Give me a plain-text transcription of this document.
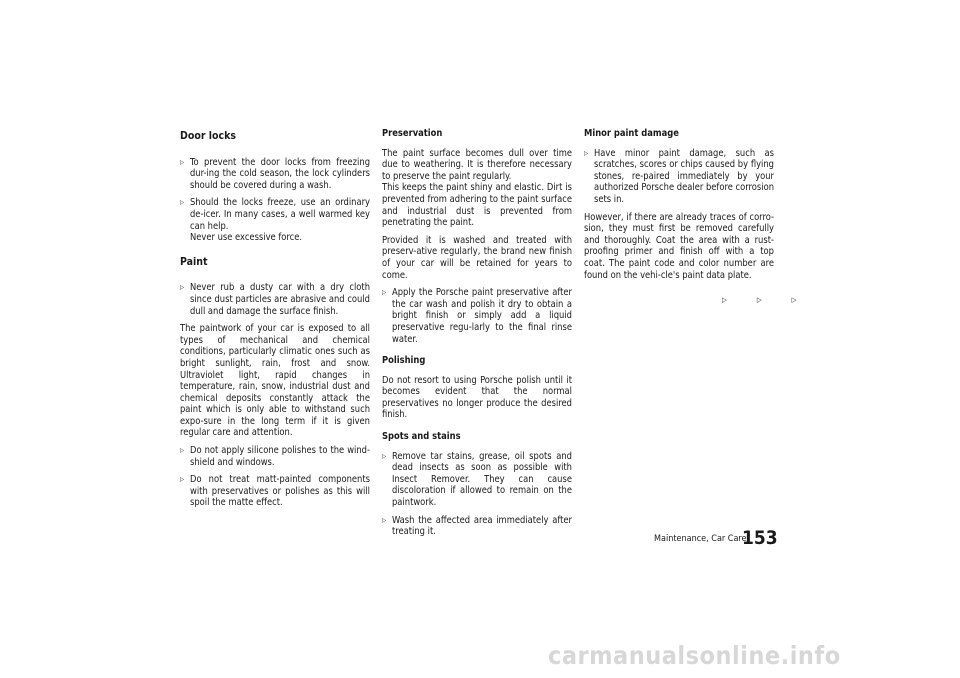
Door locks
▷ To prevent the door locks from freezing dur-ing the cold season, the lock cylinders should be covered during a wash.
▷ Should the locks freeze, use an ordinary de-icer. In many cases, a well warmed key can help.
Never use excessive force.
Paint
▷ Never rub a dusty car with a dry cloth since dust particles are abrasive and could dull and damage the surface finish.

The paintwork of your car is exposed to all types of mechanical and chemical conditions, particularly climatic ones such as bright sunlight, rain, frost and snow. Ultraviolet light, rapid changes in temperature, rain, snow, industrial dust and chemical deposits constantly attack the paint which is only able to withstand such expo-sure in the long term if it is given regular care and attention.

▷ Do not apply silicone polishes to the wind-shield and windows.
▷ Do not treat matt-painted components with preservatives or polishes as this will spoil the matte effect.
Preservation

The paint surface becomes dull over time due to weathering. It is therefore necessary to preserve the paint regularly.
This keeps the paint shiny and elastic. Dirt is prevented from adhering to the paint surface and industrial dust is prevented from penetrating the paint.

Provided it is washed and treated with preserv-ative regularly, the brand new finish of your car will be retained for years to come.

▷ Apply the Porsche paint preservative after the car wash and polish it dry to obtain a bright finish or simply add a liquid preservative regu-larly to the final rinse water.
Polishing

Do not resort to using Porsche polish until it becomes evident that the normal preservatives no longer produce the desired finish.

Spots and stains
▷ Remove tar stains, grease, oil spots and dead insects as soon as possible with Insect Remover. They can cause discoloration if allowed to remain on the paintwork.
▷ Wash the affected area immediately after treating it.
Minor paint damage
▷ Have minor paint damage, such as scratches, scores or chips caused by flying stones, re-paired immediately by your authorized Porsche dealer before corrosion sets in.

However, if there are already traces of corro-sion, they must first be removed carefully and thoroughly. Coat the area with a rust-proofing primer and finish off with a top coat. The paint code and color number are found on the vehi-cle's paint data plate.

▷ ▷ ▷
Maintenance, Car Care
153
carmanualsonline.info
